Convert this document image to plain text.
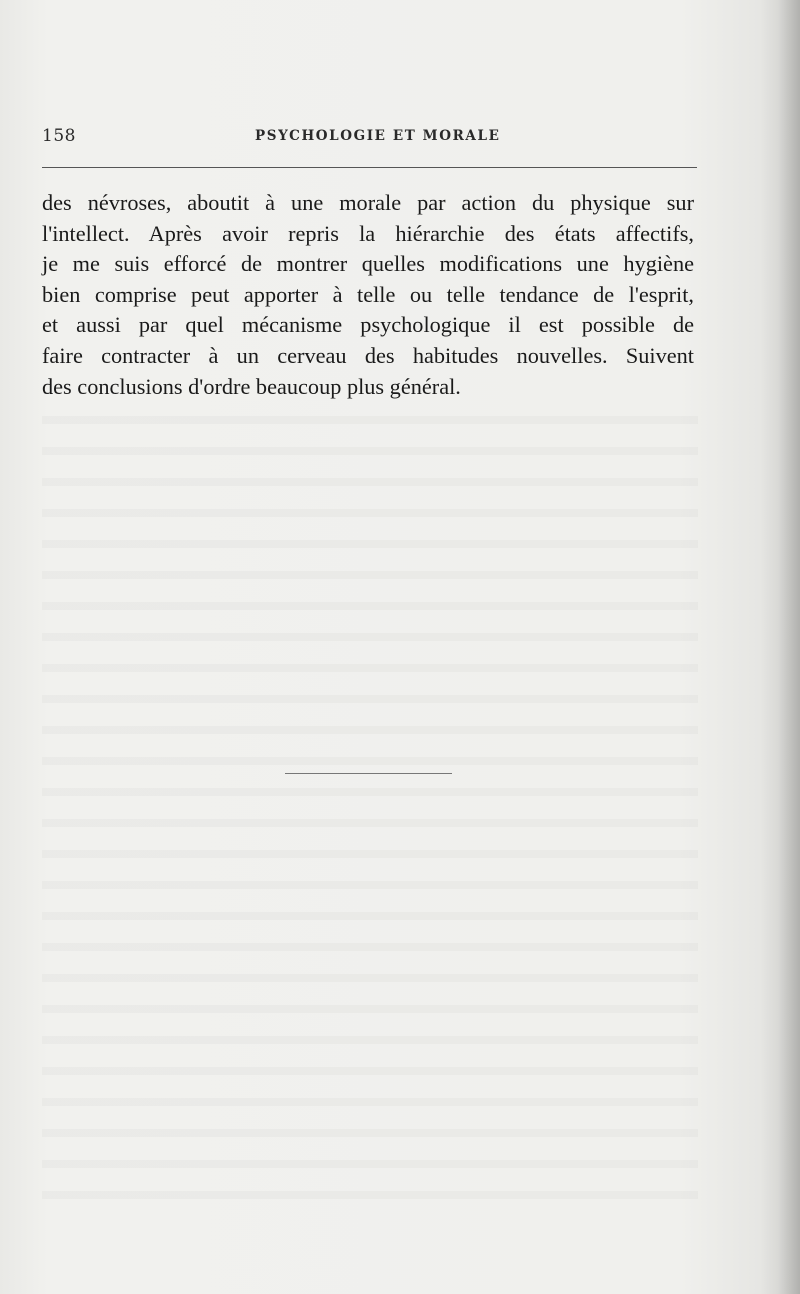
158	PSYCHOLOGIE ET MORALE
des névroses, aboutit à une morale par action du physique sur
l'intellect. Après avoir repris la hiérarchie des états affectifs,
je me suis efforcé de montrer quelles modifications une hygiène
bien comprise peut apporter à telle ou telle tendance de l'esprit,
et aussi par quel mécanisme psychologique il est possible de
faire contracter à un cerveau des habitudes nouvelles. Suivent
des conclusions d'ordre beaucoup plus général.
